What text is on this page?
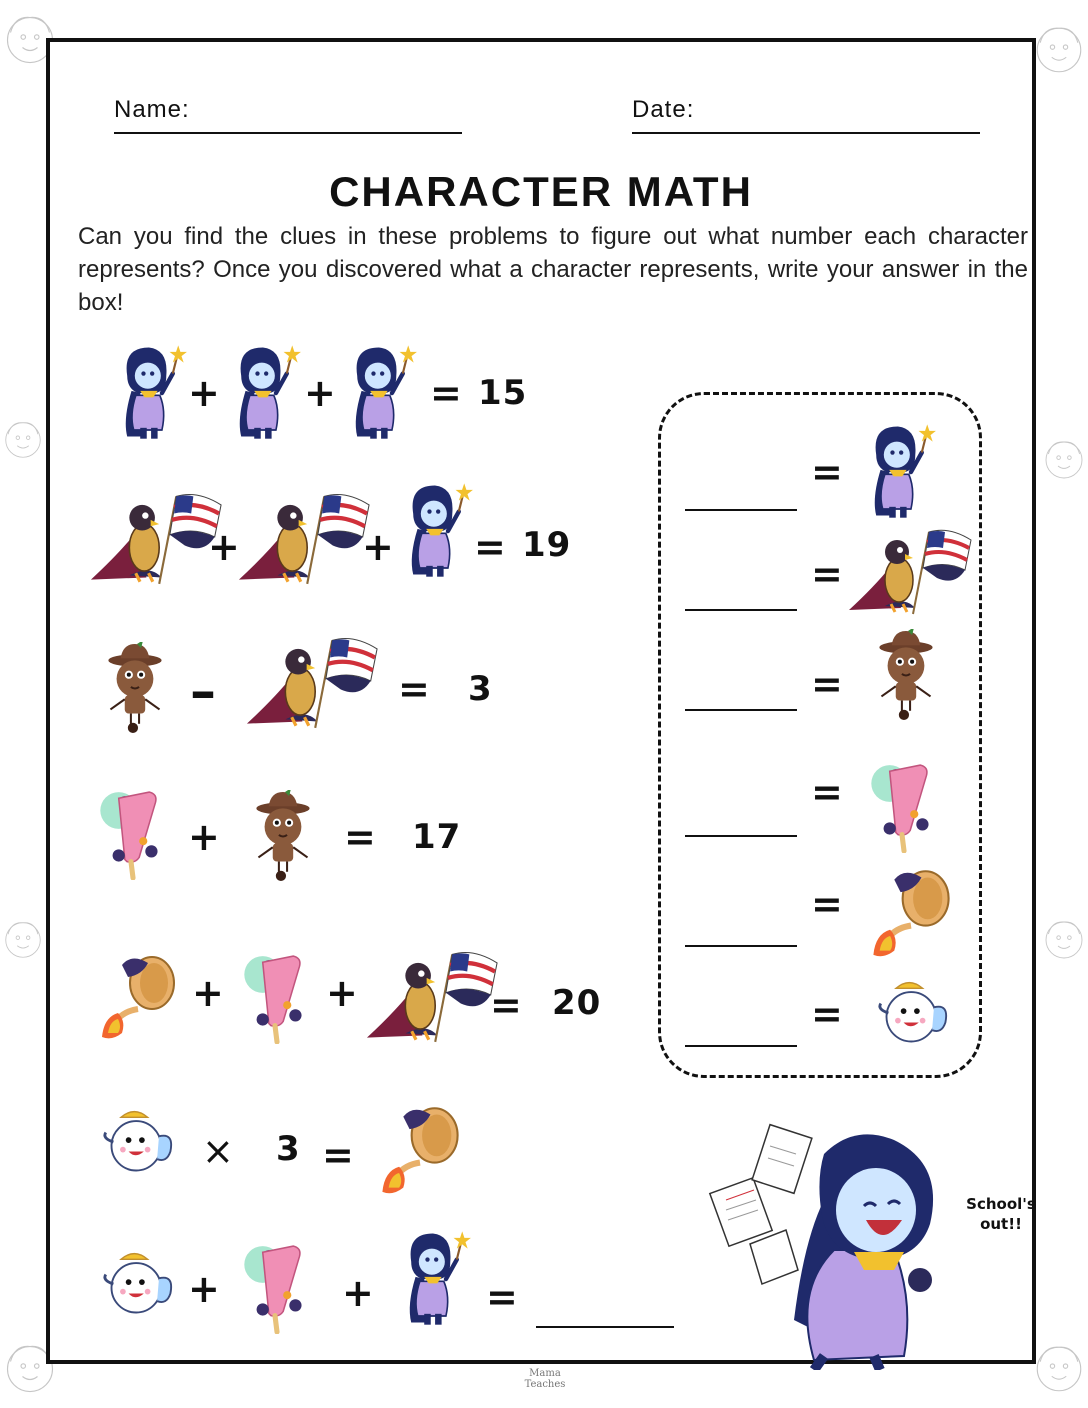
Name:	Date:
CHARACTER MATH
Can you find the clues in these problems to figure out what number each character represents? Once you discovered what a character represents, write your answer in the box!
+ + = 15
+	+ = 19
–	= 3
+	= 17
+	+	= 20
× 3 =
+	+	=
=
=
=
=
=
=
School's
out!!
Mama Teaches
